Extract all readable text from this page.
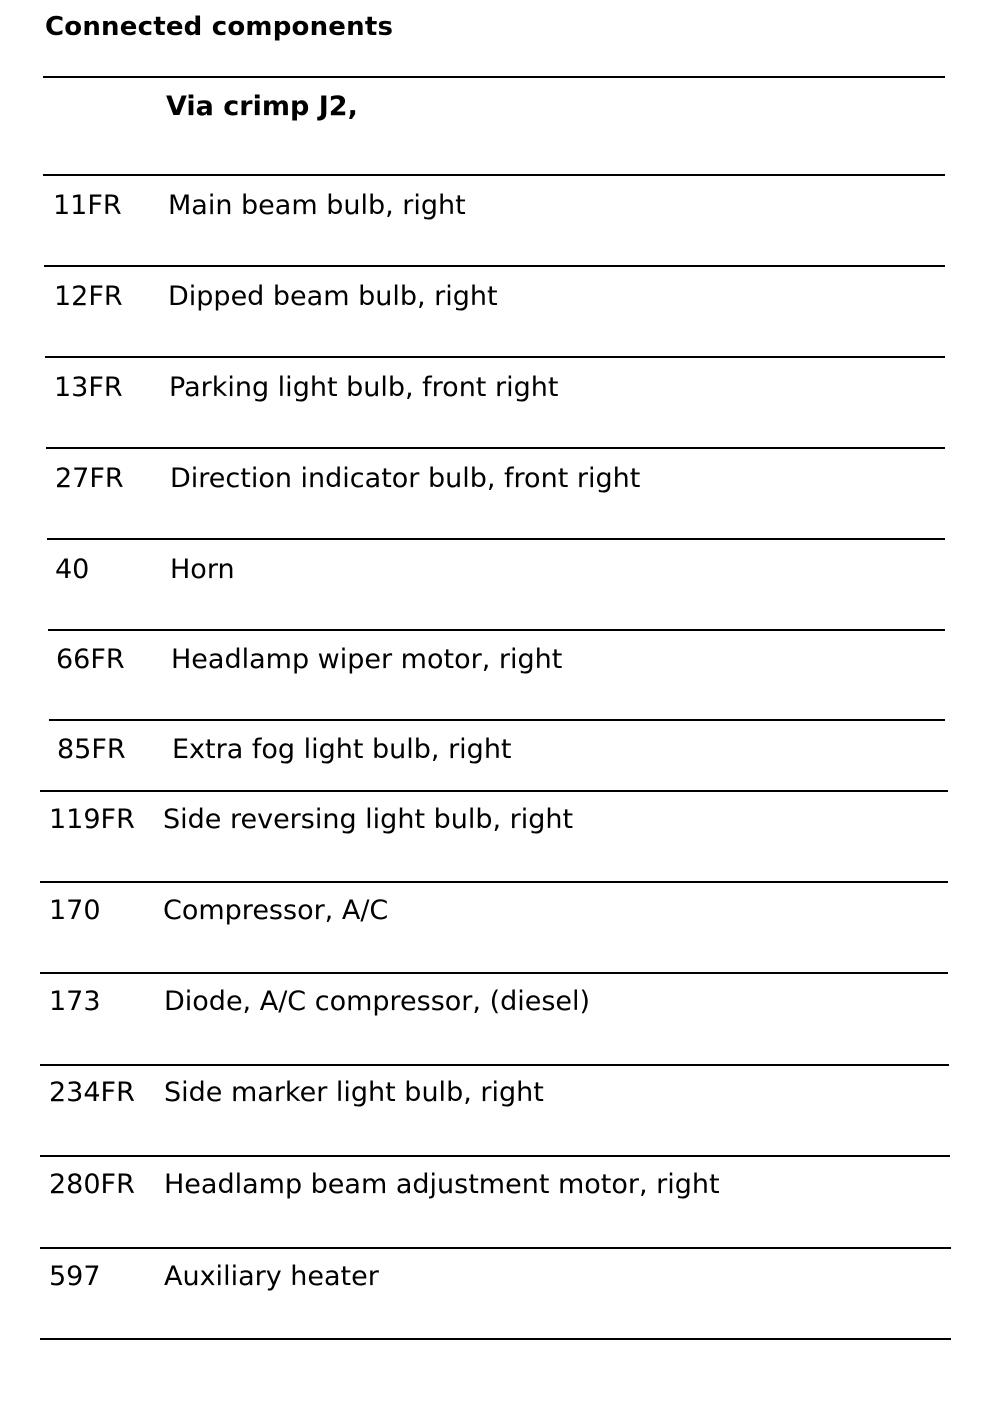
Connected components
Via crimp J2,
11FR Main beam bulb, right
12FR Dipped beam bulb, right
13FR Parking light bulb, front right
27FR Direction indicator bulb, front right
40	Horn
66FR Headlamp wiper motor, right
85FR Extra fog light bulb, right
119FR Side reversing light bulb, right
170 Compressor, A/C
173 Diode, A/C compressor, (diesel)
234FR Side marker light bulb, right
280FR Headlamp beam adjustment motor, right
597 Auxiliary heater
